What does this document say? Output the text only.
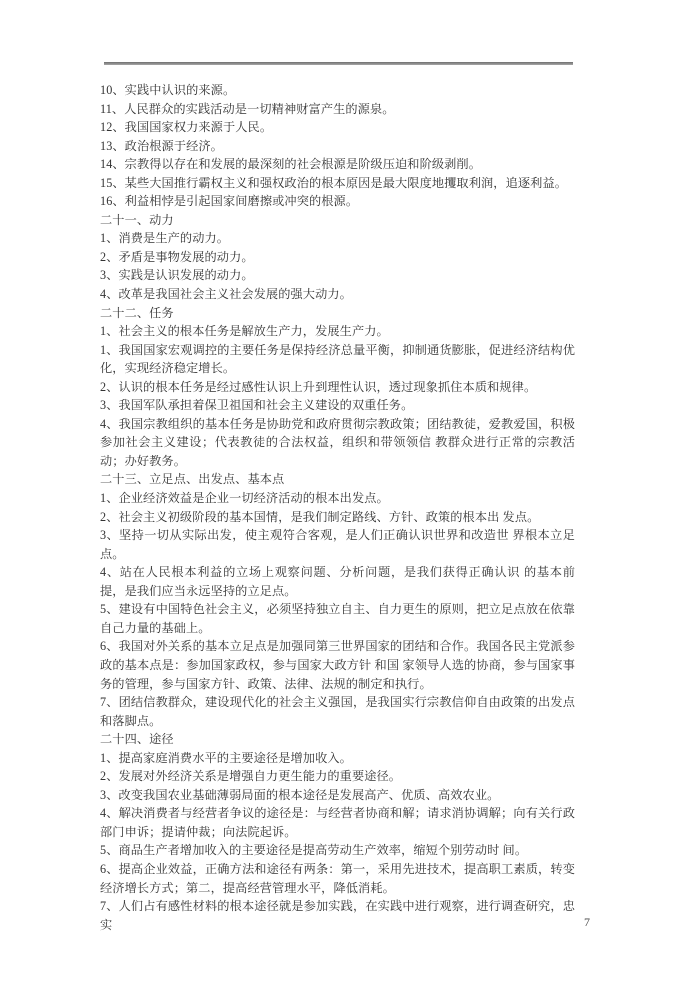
10、实践中认识的来源。

11、人民群众的实践活动是一切精神财富产生的源泉。

12、我国国家权力来源于人民。

13、政治根源于经济。

14、宗教得以存在和发展的最深刻的社会根源是阶级压迫和阶级剥削。

15、某些大国推行霸权主义和强权政治的根本原因是最大限度地攫取利润，追逐利益。

16、利益相悖是引起国家间磨擦或冲突的根源。

二十一、动力

1、消费是生产的动力。

2、矛盾是事物发展的动力。

3、实践是认识发展的动力。

4、改革是我国社会主义社会发展的强大动力。

二十二、任务

1、社会主义的根本任务是解放生产力，发展生产力。

1、我国国家宏观调控的主要任务是保持经济总量平衡，抑制通货膨胀，促进经济结构优化，实现经济稳定增长。

2、认识的根本任务是经过感性认识上升到理性认识，透过现象抓住本质和规律。

3、我国军队承担着保卫祖国和社会主义建设的双重任务。

4、我国宗教组织的基本任务是协助党和政府贯彻宗教政策；团结教徒，爱教爱国，积极参加社会主义建设；代表教徒的合法权益，组织和带领领信 教群众进行正常的宗教活动；办好教务。

二十三、立足点、出发点、基本点

1、企业经济效益是企业一切经济活动的根本出发点。

2、社会主义初级阶段的基本国情，是我们制定路线、方针、政策的根本出 发点。

3、坚持一切从实际出发，使主观符合客观，是人们正确认识世界和改造世 界根本立足点。

4、站在人民根本利益的立场上观察问题、分析问题，是我们获得正确认识 的基本前提，是我们应当永远坚持的立足点。

5、建设有中国特色社会主义，必须坚持独立自主、自力更生的原则，把立足点放在依靠自己力量的基础上。

6、我国对外关系的基本立足点是加强同第三世界国家的团结和合作。我国各民主党派参政的基本点是：参加国家政权，参与国家大政方针 和国 家领导人选的协商，参与国家事务的管理，参与国家方针、政策、法律、法规的制定和执行。

7、团结信教群众，建设现代化的社会主义强国，是我国实行宗教信仰自由政策的出发点和落脚点。

二十四、途径

1、提高家庭消费水平的主要途径是增加收入。

2、发展对外经济关系是增强自力更生能力的重要途径。

3、改变我国农业基础薄弱局面的根本途径是发展高产、优质、高效农业。

4、解决消费者与经营者争议的途径是：与经营者协商和解；请求消协调解；向有关行政部门申诉；提请仲裁；向法院起诉。

5、商品生产者增加收入的主要途径是提高劳动生产效率，缩短个别劳动时 间。

6、提高企业效益，正确方法和途径有两条：第一，采用先进技术，提高职工素质，转变经济增长方式；第二，提高经营管理水平，降低消耗。

7、人们占有感性材料的根本途径就是参加实践，在实践中进行观察，进行调查研究，忠实	7
